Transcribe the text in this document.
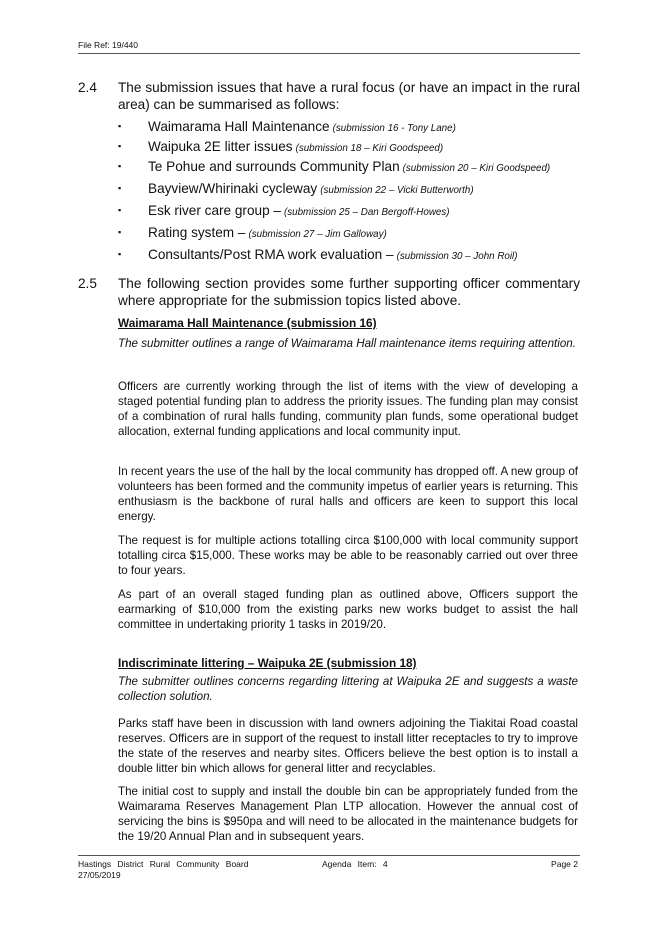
File Ref: 19/440
2.4 The submission issues that have a rural focus (or have an impact in the rural area) can be summarised as follows:
▪ Waimarama Hall Maintenance (submission 16 - Tony Lane)
▪ Waipuka 2E litter issues (submission 18 – Kiri Goodspeed)
▪ Te Pohue and surrounds Community Plan (submission 20 – Kiri Goodspeed)
▪ Bayview/Whirinaki cycleway (submission 22 – Vicki Butterworth)
▪ Esk river care group – (submission 25 – Dan Bergoff-Howes)
▪ Rating system – (submission 27 – Jim Galloway)
▪ Consultants/Post RMA work evaluation – (submission 30 – John Roil)
2.5 The following section provides some further supporting officer commentary where appropriate for the submission topics listed above.
Waimarama Hall Maintenance (submission 16)
The submitter outlines a range of Waimarama Hall maintenance items requiring attention.
Officers are currently working through the list of items with the view of developing a staged potential funding plan to address the priority issues. The funding plan may consist of a combination of rural halls funding, community plan funds, some operational budget allocation, external funding applications and local community input.
In recent years the use of the hall by the local community has dropped off. A new group of volunteers has been formed and the community impetus of earlier years is returning. This enthusiasm is the backbone of rural halls and officers are keen to support this local energy.
The request is for multiple actions totalling circa $100,000 with local community support totalling circa $15,000. These works may be able to be reasonably carried out over three to four years.
As part of an overall staged funding plan as outlined above, Officers support the earmarking of $10,000 from the existing parks new works budget to assist the hall committee in undertaking priority 1 tasks in 2019/20.
Indiscriminate littering – Waipuka 2E (submission 18)
The submitter outlines concerns regarding littering at Waipuka 2E and suggests a waste collection solution.
Parks staff have been in discussion with land owners adjoining the Tiakitai Road coastal reserves. Officers are in support of the request to install litter receptacles to try to improve the state of the reserves and nearby sites. Officers believe the best option is to install a double litter bin which allows for general litter and recyclables.
The initial cost to supply and install the double bin can be appropriately funded from the Waimarama Reserves Management Plan LTP allocation. However the annual cost of servicing the bins is $950pa and will need to be allocated in the maintenance budgets for the 19/20 Annual Plan and in subsequent years.
Hastings District Rural Community Board
27/05/2019
Agenda Item: 4	Page 2
